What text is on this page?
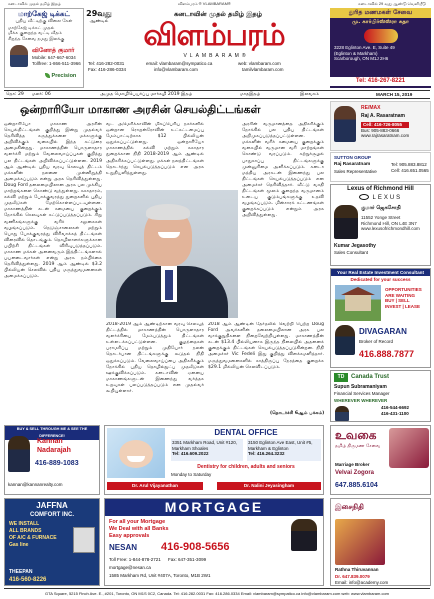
கனடாவில் முதல் தமிழ் இதழ்	விளம்பரம் ® VLAMBARAM®	கனடாவில் 29 வது ஆண்டு வெளியீடு
மாற்கேஜ் டிக்கட்
புதிய வீட்டிற்கு விலை கேள்
மாற்கேஜ் டிக்கட் முதல்
மிக்க குறைந்த வட்டி வீதம்
சிறந்த சேவை நமது இலக்கு
வினோத் குமார்
Mobile: 647-667-6034
Tollfree: 1-866-511-3966
Precision
29வது
ஆண்டில்
கனடாவின் முதல் தமிழ் இதழ்
விளம்பரம்
VLAMBARAM®
Tel: 416-282-0031
Fax: 416-286-0334
email: vlambaram@sympatico.ca
info@vlambaram.com
web: vlambaram.com
tamilvlambaram.com
துரித மணமகள் சேவை
மு. கார்பிர்ஸ்ஸ்ரா சுதா
3228 Eglinton Ave. E, Suite 49
(Eglinton & Markham)
Scarborough, ON M1J 2H6
Tel: 416-267-8221
தொ: 29 மலர்: 06	அமுத மொழிபெயர்ப்பு மார்கழி 2019 இதழ்	மாதஇதழ்	இலவசம்	MARCH 15, 2019
ஒன்றாரியோ மாகாண அரசின் செயல்திட்டங்கள்
ஒன்றாரியோ மாகாண அரசின் செயல்திட்டங்கள் குறித்து இன்று முதல்வர் தெரிவித்த கருத்துக்களை மக்களுக்கு அறிவிக்கும் வகையில் இந்த கட்டுரை அமைகின்றது. மாகாணத்தின் பொருளாதார வளர்ச்சி மற்றும் வேலைவாய்ப்புகள் குறித்து பல திட்டங்கள் அறிவிக்கப்பட்டுள்ளன. 2019 ஆம் ஆண்டில் புதிய வரவு செலவுத் திட்டம் மக்களின் நலனை முன்னிறுத்தி அமைக்கப்படும் என்று அரசு தெரிவித்துள்ளது. Doug Ford தலைமையிலான அரசு பல முக்கிய மாற்றங்களை கொண்டு வந்துள்ளது. சுகாதாரம், கல்வி மற்றும் போக்குவரத்து துறைகளில் புதிய முதலீடுகள் மேற்கொள்ளப்படவுள்ளன. மாகாணத்தின் கடன் சுமையை குறைக்கும் நோக்கில் செலவுகள் கட்டுப்படுத்தப்படும். சிறு வணிகங்களுக்கு வரிச் சலுகைகள் வழங்கப்படும். நெடுஞ்சாலைகள் மற்றும் பொது போக்குவரத்து விரிவாக்கத் திட்டங்கள் விரைவில் தொடங்கும். தொழிலாளர்களுக்கான பயிற்சி திட்டங்கள் விரிவுபடுத்தப்படும். மாகாண மக்கள் அனைவரும் இத்திட்டங்களால் பயனடைவார்கள் என்று அரசு நம்பிக்கை தெரிவித்துள்ளது. 2019 ஆம் ஆண்டில் $3.2 பில்லியன் செலவில் புதிய மருத்துவமனைகள் அமைக்கப்படும்.
வட அமெரிக்காவின் மிகப்பெரிய நகர்களில் ஒன்றான ரொறன்ரோவின் உட்கட்டமைப்பு மேம்பாட்டிற்காக $12 பில்லியன் ஒதுக்கப்பட்டுள்ளது. ஒன்றாரியோ மாகாணத்தில் கல்வி மற்றும் சுகாதார துறைக்கான நிதி 2018-2019 ஆம் ஆண்டில் அதிகரிக்கப்பட்டுள்ளது. மக்கள் நலத்திட்டங்கள் தொடர்ந்து செயல்படுத்தப்படும் என அரசு உறுதியளித்துள்ளது.
2018-2019 ஆம் ஆண்டிற்கான வரவு செலவுத் திட்டத்தில் மாகாணத்தின் பொருளாதார வளர்ச்சியை மேம்படுத்தும் திட்டங்கள் உள்ளடக்கப்பட்டுள்ளன. குழந்தைகள் பராமரிப்பு மற்றும் முதியோர் நலன் தொடர்பான திட்டங்களுக்கு கூடுதல் நிதி ஒதுக்கப்படும். வேலைவாய்ப்பை அதிகரிக்கும் நோக்கில் புதிய தொழில்நுட்ப முதலீடுகள் ஊக்குவிக்கப்படும். கனடாவின் ஏனைய மாகாணங்களுடன் இணைந்து வர்த்தக உறவுகள் பலப்படுத்தப்படும் என முதல்வர் கூறியுள்ளார்.
அரசின் வருமானத்தை அதிகரிக்கும் நோக்கில் பல புதிய திட்டங்கள் அறிமுகப்படுத்தப்பட்டுள்ளன. மக்களின் வரிச் சுமையை குறைக்கும் வகையில் வருமான வரி மாற்றங்கள் கொண்டு வரப்படும். சுற்றுச்சூழல் பாதுகாப்பு திட்டங்களுக்கு முன்னுரிமை அளிக்கப்படும். கனடா மத்திய அரசுடன் இணைந்து பல திட்டங்கள் செயல்படுத்தப்படும் என அமைச்சர் தெரிவித்தார். வீட்டு வசதி திட்டங்கள் மூலம் குறைந்த வருமானம் உடைய குடும்பங்களுக்கு உதவி வழங்கப்படும். மின்சாரக் கட்டணங்கள் குறைக்கப்படும் என்றும் அரசு அறிவித்துள்ளது.
2018 ஆம் ஆண்டின் தேர்தலில் வெற்றி பெற்ற Doug Ford அவர்களின் தலைமையிலான அரசு பல வாக்குறுதிகளை நிறைவேற்றியுள்ளது. மாகாணத்தின் கடன் $13.4 பில்லியனாக இருந்த நிலையில் அதனைக் குறைக்கும் திட்டங்கள் செயல்படுத்தப்படுகின்றன. நிதி அமைச்சர் Vic Fedeli இது குறித்து விளக்கமளித்தார். மருத்துவமனைகளில் காத்திருப்பு நேரத்தை குறைக்க $29.1 மில்லியன் செலவிடப்படும்.
(தொடர்ச்சி 6ஆம் பக்கம்)
RE/MAX
Raj A. Rasaratnam
Cell: 416-726-8055
Bus: 905-883-0666
www.rajrasaratnam.com
SUTTON GROUP
Raj Rasaratnam
Sales Representative
Tel: 905.883.8812
Cell: 416.651.0565
Lexus of Richmond Hill
LEXUS
குமார் ஜெகசோதி
11552 Yonge Street
Richmond Hill, ON L4E 3N7
www.lexusofrichmondhill.com
Kumar Jegasothy
Sales Consultant
Your Real Estate Investment Consultant
Dedicated for your success
OPPORTUNITIES ARE WAITING
BUY | SELL
INVEST | LEASE
DIVAGARAN
Broker of Record
416.888.7877
TD	Canada Trust
Supun Subramaniyam
Financial Services Manager
WHEREVER WHEREVER
416-544-6692
416-431-1100
BUY & SELL THROUGH ME & SEE THE DIFFERENCE!
Kannan
Nadarajah
416-889-1083
kannan@kannanrealty.com
DENTAL OFFICE
3351 Markham Road, Unit #120, Markham Shoales
Tel: 416.609.2022
3150 Eglinton Ave East, Unit #5, Markham & Eglinton
Tel: 416.264.3232
Dentistry for children, adults and seniors
Monday to Saturday
Dr. Arul Vijayanathan	Dr. Nalini Jeyasingham
உவகை
தமிழ் திருமண சேவை
Marriage Broker
Velvai Zogora
647.885.6104
JAFFNA
COMFORT INC.
WE INSTALL
ALL BRANDS
OF A/C & FURNACE
Gas line
THEEPAN
416-560-8226
MORTGAGE
For all your Mortgage
We Deal with all Banks
Easy approvals
NESAN 416-908-5656
Toll Free: 1-844-878-2721 Fax: 647-351-3099
mortgage@nesan.ca
1585 Markham Rd, Unit #407A, Toronto, M1B 2W1
இசைநிதி
Rathna Thiruvannan
Dr. 647.839.0079
Email: info@academy.com
GTA Square, 5215 Finch Ave. E., #201, Toronto, ON M1S 0C2, Canada. Tel: 416.282.0031 Fax: 416.286.0334 Email: vlambaram@sympatico.ca info@vlambaram.com web: www.vlambaram.com
